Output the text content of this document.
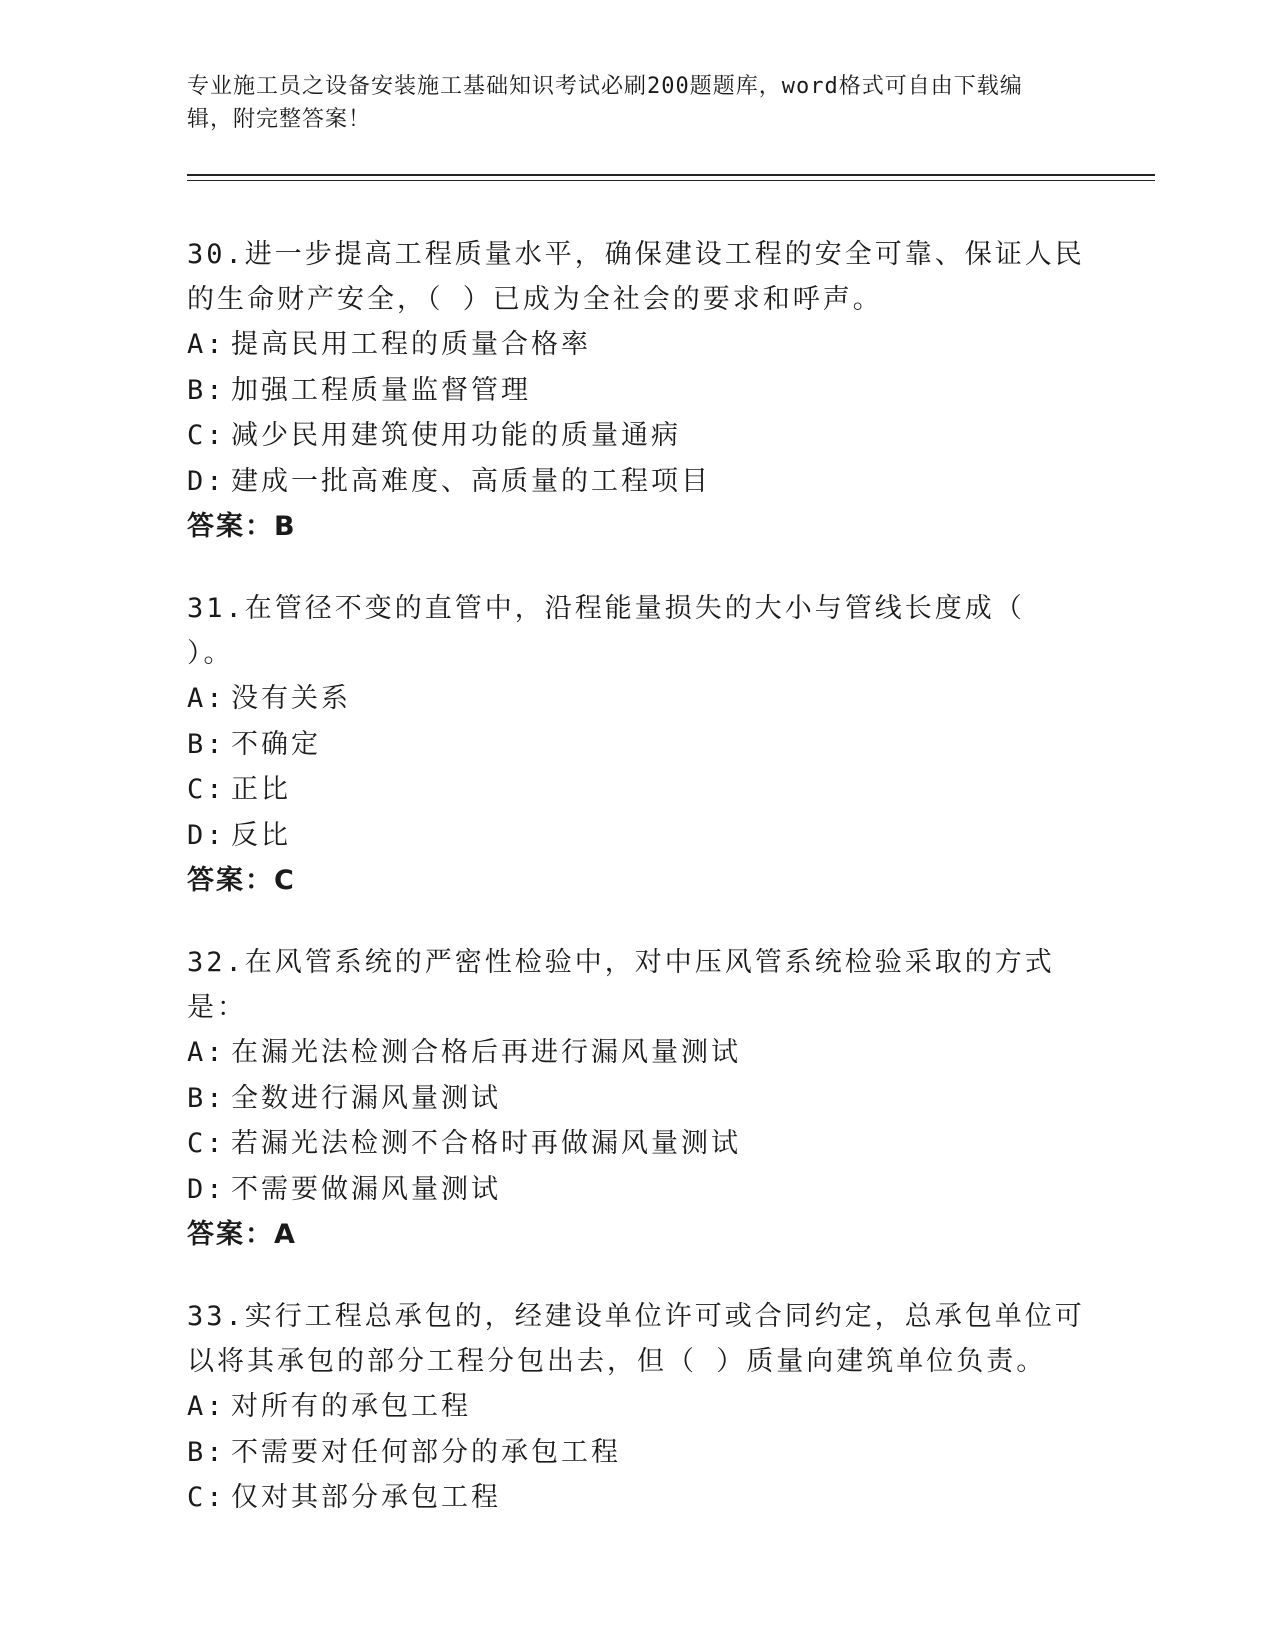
专业施工员之设备安装施工基础知识考试必刷200题题库，word格式可自由下载编辑，附完整答案！

30.进一步提高工程质量水平，确保建设工程的安全可靠、保证人民的生命财产安全，（ ）已成为全社会的要求和呼声。

A: 提高民用工程的质量合格率

B: 加强工程质量监督管理

C: 减少民用建筑使用功能的质量通病

D: 建成一批高难度、高质量的工程项目

答案：B

31.在管径不变的直管中，沿程能量损失的大小与管线长度成（ ）。

A: 没有关系

B: 不确定

C: 正比

D: 反比

答案：C

32.在风管系统的严密性检验中，对中压风管系统检验采取的方式是：

A: 在漏光法检测合格后再进行漏风量测试

B: 全数进行漏风量测试

C: 若漏光法检测不合格时再做漏风量测试

D: 不需要做漏风量测试

答案：A

33.实行工程总承包的，经建设单位许可或合同约定，总承包单位可以将其承包的部分工程分包出去，但（ ）质量向建筑单位负责。

A: 对所有的承包工程

B: 不需要对任何部分的承包工程

C: 仅对其部分承包工程
